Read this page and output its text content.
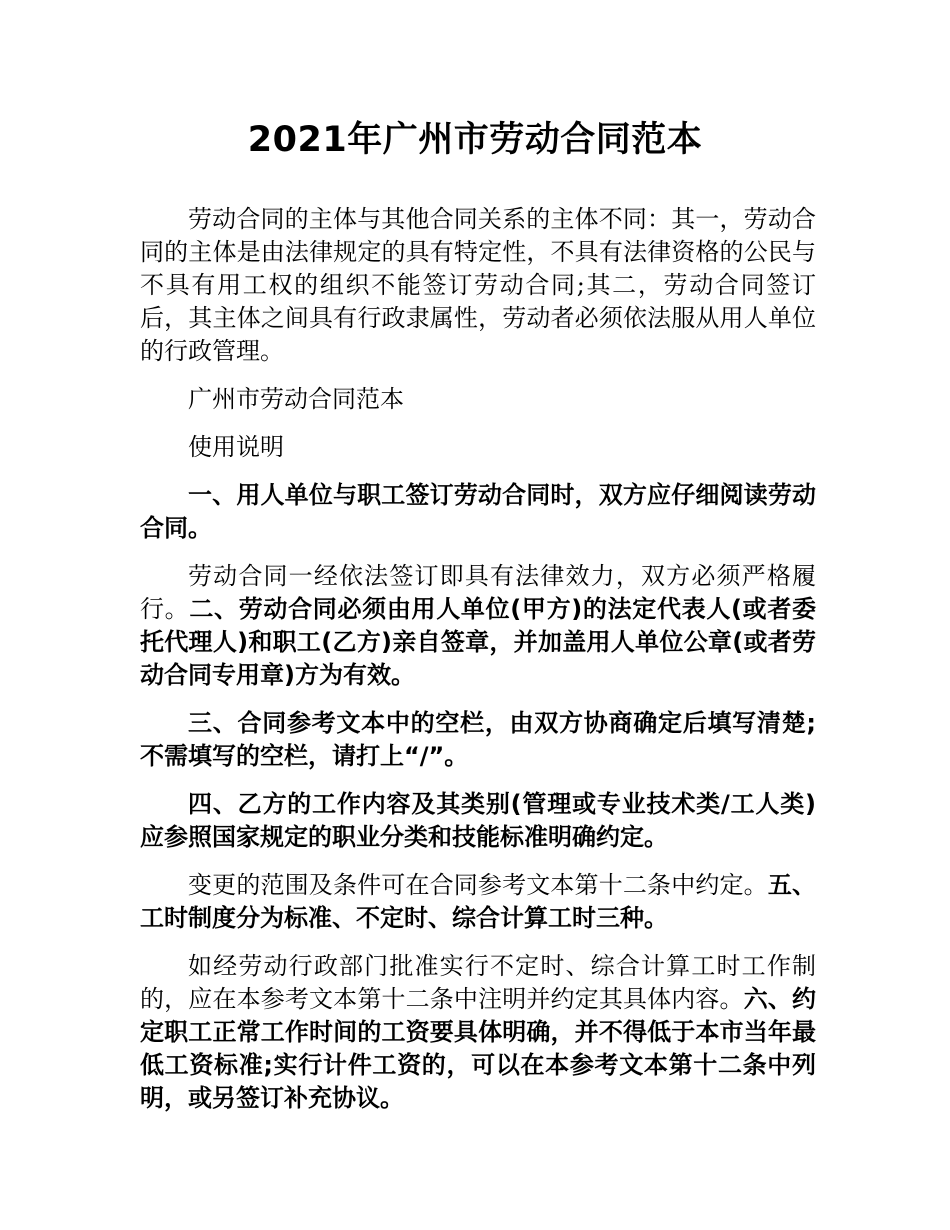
2021年广州市劳动合同范本

劳动合同的主体与其他合同关系的主体不同：其一，劳动合同的主体是由法律规定的具有特定性，不具有法律资格的公民与不具有用工权的组织不能签订劳动合同;其二，劳动合同签订后，其主体之间具有行政隶属性，劳动者必须依法服从用人单位的行政管理。

广州市劳动合同范本

使用说明

一、用人单位与职工签订劳动合同时，双方应仔细阅读劳动合同。

劳动合同一经依法签订即具有法律效力，双方必须严格履行。二、劳动合同必须由用人单位(甲方)的法定代表人(或者委托代理人)和职工(乙方)亲自签章，并加盖用人单位公章(或者劳动合同专用章)方为有效。

三、合同参考文本中的空栏，由双方协商确定后填写清楚;不需填写的空栏，请打上“/”。

四、乙方的工作内容及其类别(管理或专业技术类/工人类)应参照国家规定的职业分类和技能标准明确约定。

变更的范围及条件可在合同参考文本第十二条中约定。五、工时制度分为标准、不定时、综合计算工时三种。

如经劳动行政部门批准实行不定时、综合计算工时工作制的，应在本参考文本第十二条中注明并约定其具体内容。六、约定职工正常工作时间的工资要具体明确，并不得低于本市当年最低工资标准;实行计件工资的，可以在本参考文本第十二条中列明，或另签订补充协议。
